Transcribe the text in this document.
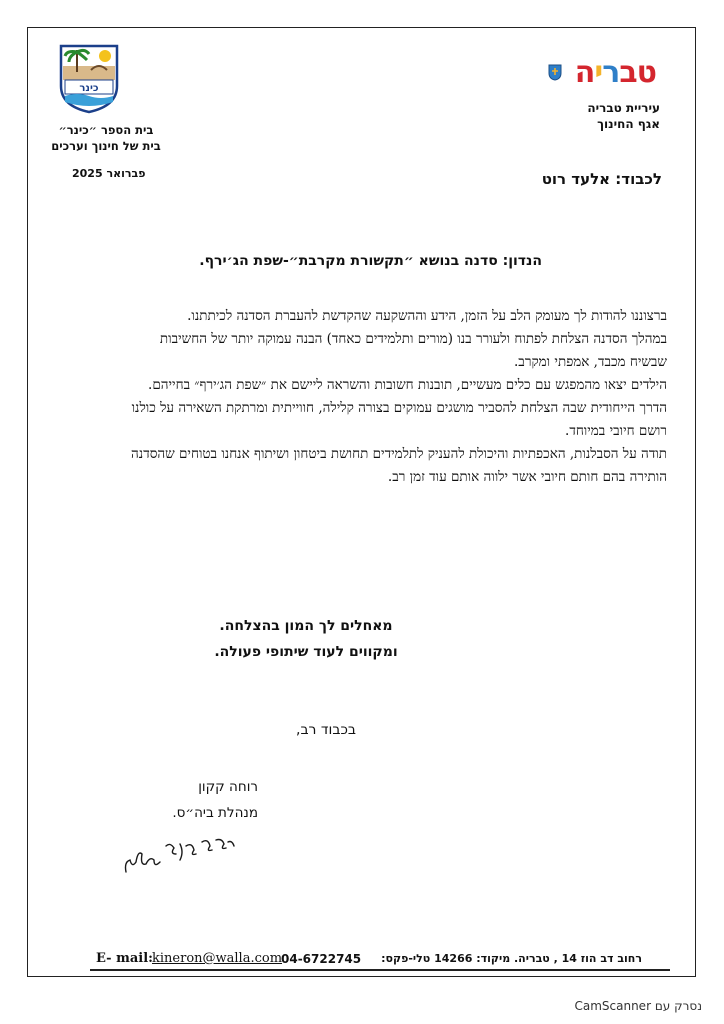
טבריה
עיריית טבריה
אגף החינוך
כינר
בית הספר ״כינר״
בית של חינוך וערכים
פברואר 2025	לכבוד: אלעד רוט
הנדון: סדנה בנושא ״תקשורת מקרבת״-שפת הג׳ירף.

ברצוננו להודות לך מעומק הלב על הזמן, הידע וההשקעה שהקדשת להעברת הסדנה לכיתתנו.

במהלך הסדנה הצלחת לפתוח ולעורר בנו (מורים ותלמידים כאחד) הבנה עמוקה יותר של החשיבות שבשיח מכבד, אמפתי ומקרב.

הילדים יצאו מהמפגש עם כלים מעשיים, תובנות חשובות והשראה ליישם את ״שפת הג׳ירף״ בחייהם.

הדרך הייחודית שבה הצלחת להסביר מושגים עמוקים בצורה קלילה, חווייתית ומרתקת השאירה על כולנו רושם חיובי במיוחד.

תודה על הסבלנות, האכפתיות והיכולת להעניק לתלמידים תחושת ביטחון ושיתוף אנחנו בטוחים שהסדנה הותירה בהם חותם חיובי אשר ילווה אותם עוד זמן רב.

מאחלים לך המון בהצלחה.
ומקווים לעוד שיתופי פעולה.
בכבוד רב,
רוחה קקון
מנהלת ביה״ס.
רחוב דב הוז 14 , טבריה. מיקוד: 14266 טלי-פקס:
04-6722745
E- mail: kineron@walla.com
נסרק עם CamScanner
